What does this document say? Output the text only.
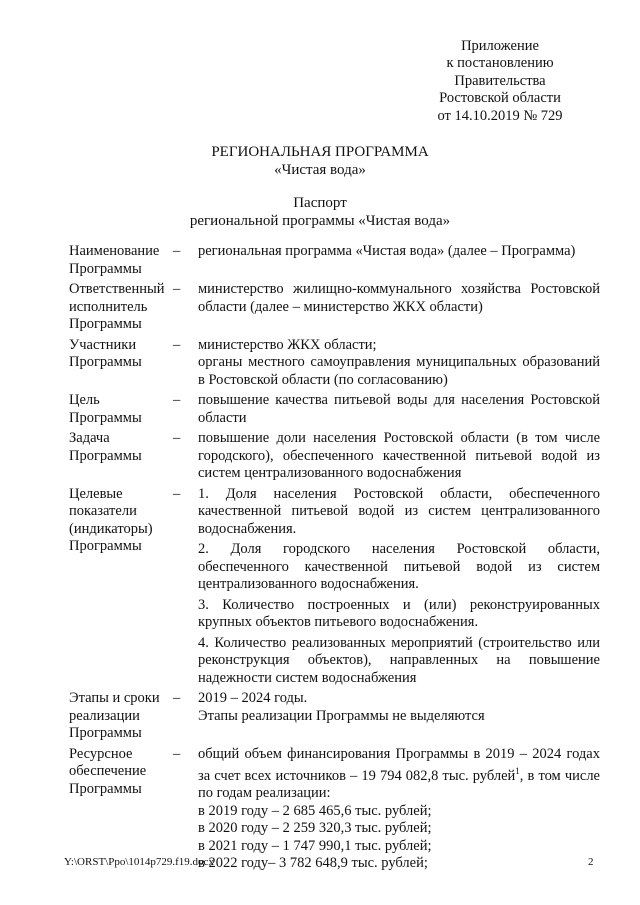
Приложение
к постановлению
Правительства
Ростовской области
от 14.10.2019 № 729
РЕГИОНАЛЬНАЯ ПРОГРАММА
«Чистая вода»
Паспорт
региональной программы «Чистая вода»
Наименование Программы	–	региональная программа «Чистая вода» (далее – Программа)
Ответственный исполнитель Программы	–	министерство жилищно-коммунального хозяйства Ростовской области (далее – министерство ЖКХ области)
Участники Программы	–	министерство ЖКХ области;
органы местного самоуправления муниципальных образований в Ростовской области (по согласованию)

Цель Программы	–	повышение качества питьевой воды для населения Ростовской области
Задача Программы	–	повышение доли населения Ростовской области (в том числе городского), обеспеченного качественной питьевой водой из систем централизованного водоснабжения
Целевые показатели (индикаторы) Программы	–	1. Доля населения Ростовской области, обеспеченного качественной питьевой водой из систем централизованного водоснабжения.
2. Доля городского населения Ростовской области, обеспеченного качественной питьевой водой из систем централизованного водоснабжения.
3. Количество построенных и (или) реконструированных крупных объектов питьевого водоснабжения.
4. Количество реализованных мероприятий (строительство или реконструкция объектов), направленных на повышение надежности систем водоснабжения

Этапы и сроки реализации Программы	–	2019 – 2024 годы.
Этапы реализации Программы не выделяются

Ресурсное обеспечение Программы	–	общий объем финансирования Программы в 2019 – 2024 годах за счет всех источников – 19 794 082,8 тыс. рублей$^1$, в том числе по годам реализации:
в 2019 году – 2 685 465,6 тыс. рублей;
в 2020 году – 2 259 320,3 тыс. рублей;
в 2021 году – 1 747 990,1 тыс. рублей;
в 2022 году– 3 782 648,9 тыс. рублей;
Y:\ORST\Ppo\1014p729.f19.docx	2
